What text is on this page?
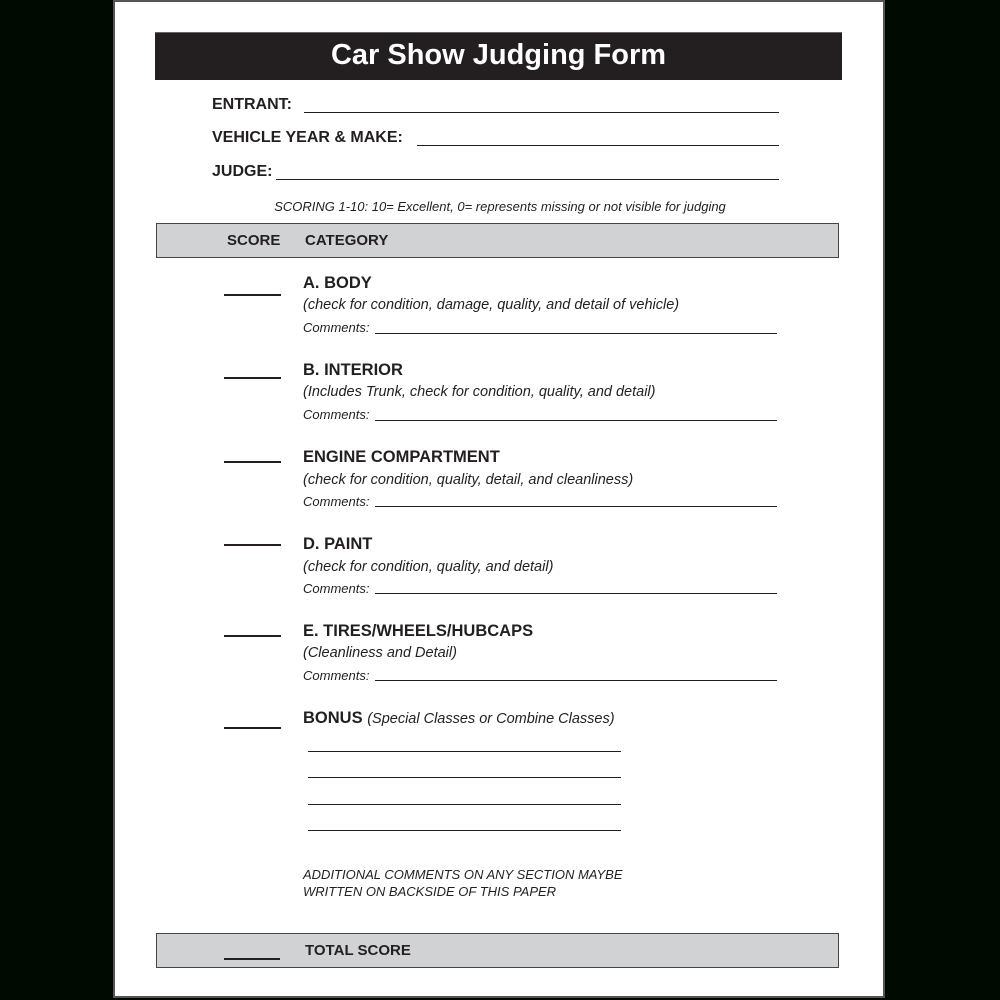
Car Show Judging Form
ENTRANT:
VEHICLE YEAR & MAKE:
JUDGE:
SCORING 1-10: 10= Excellent, 0= represents missing or not visible for judging
SCORE CATEGORY
A. BODY
(check for condition, damage, quality, and detail of vehicle)
Comments:
B. INTERIOR
(Includes Trunk, check for condition, quality, and detail)
Comments:
ENGINE COMPARTMENT
(check for condition, quality, detail, and cleanliness)
Comments:
D. PAINT
(check for condition, quality, and detail)
Comments:
E. TIRES/WHEELS/HUBCAPS
(Cleanliness and Detail)
Comments:
BONUS (Special Classes or Combine Classes)
ADDITIONAL COMMENTS ON ANY SECTION MAYBE
WRITTEN ON BACKSIDE OF THIS PAPER
TOTAL SCORE
